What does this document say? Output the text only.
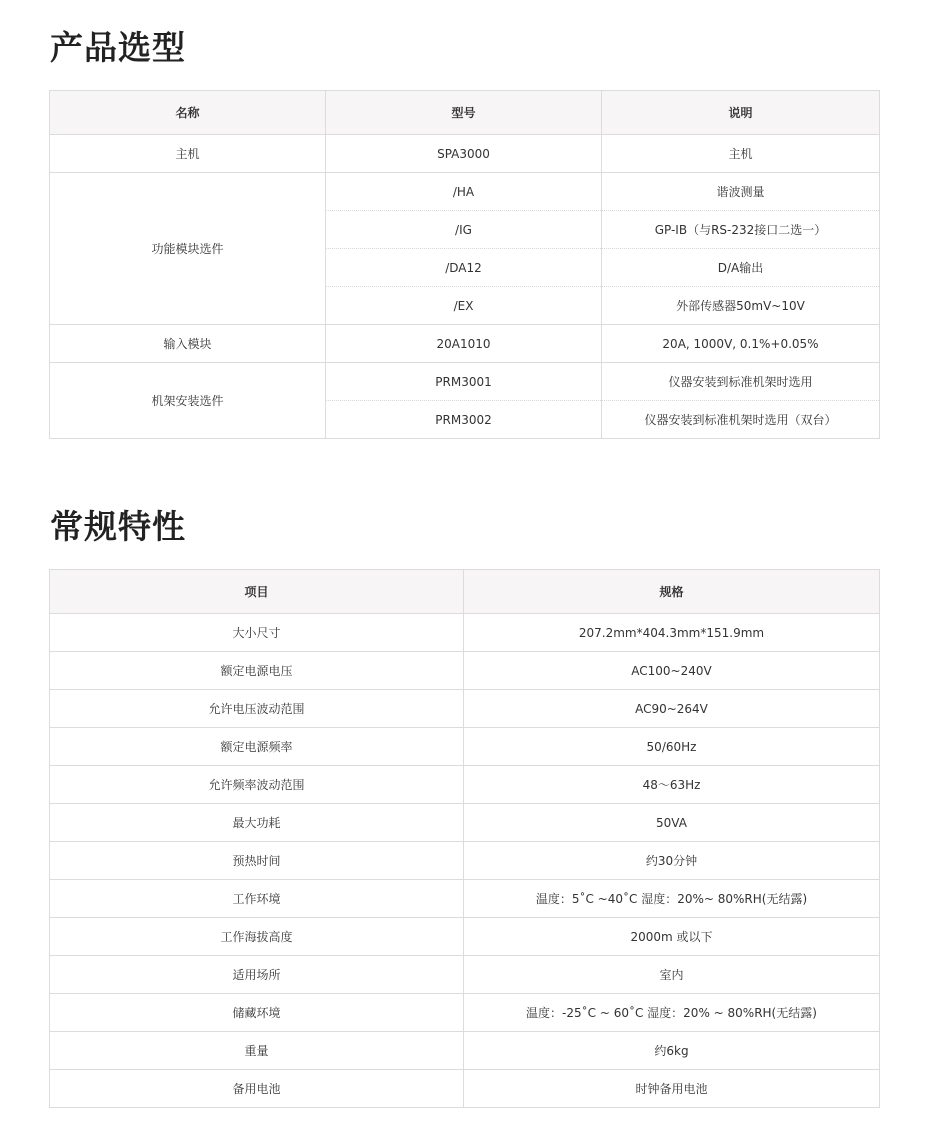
产品选型
名称	型号	说明
主机	SPA3000	主机
功能模块选件	/HA	谐波测量
	/IG	GP-IB（与RS-232接口二选一）
	/DA12	D/A输出
	/EX	外部传感器50mV~10V
输入模块	20A1010	20A, 1000V, 0.1%+0.05%
机架安装选件	PRM3001	仪器安装到标准机架时选用
	PRM3002	仪器安装到标准机架时选用（双台）
常规特性
项目	规格
大小尺寸	207.2mm*404.3mm*151.9mm
额定电源电压	AC100~240V
允许电压波动范围	AC90~264V
额定电源频率	50/60Hz
允许频率波动范围	48～63Hz
最大功耗	50VA
预热时间	约30分钟
工作环境	温度：5˚C ~40˚C 湿度：20%~ 80%RH(无结露)
工作海拔高度	2000m 或以下
适用场所	室内
储藏环境	温度：-25˚C ~ 60˚C 湿度：20% ~ 80%RH(无结露)
重量	约6kg
备用电池	时钟备用电池
